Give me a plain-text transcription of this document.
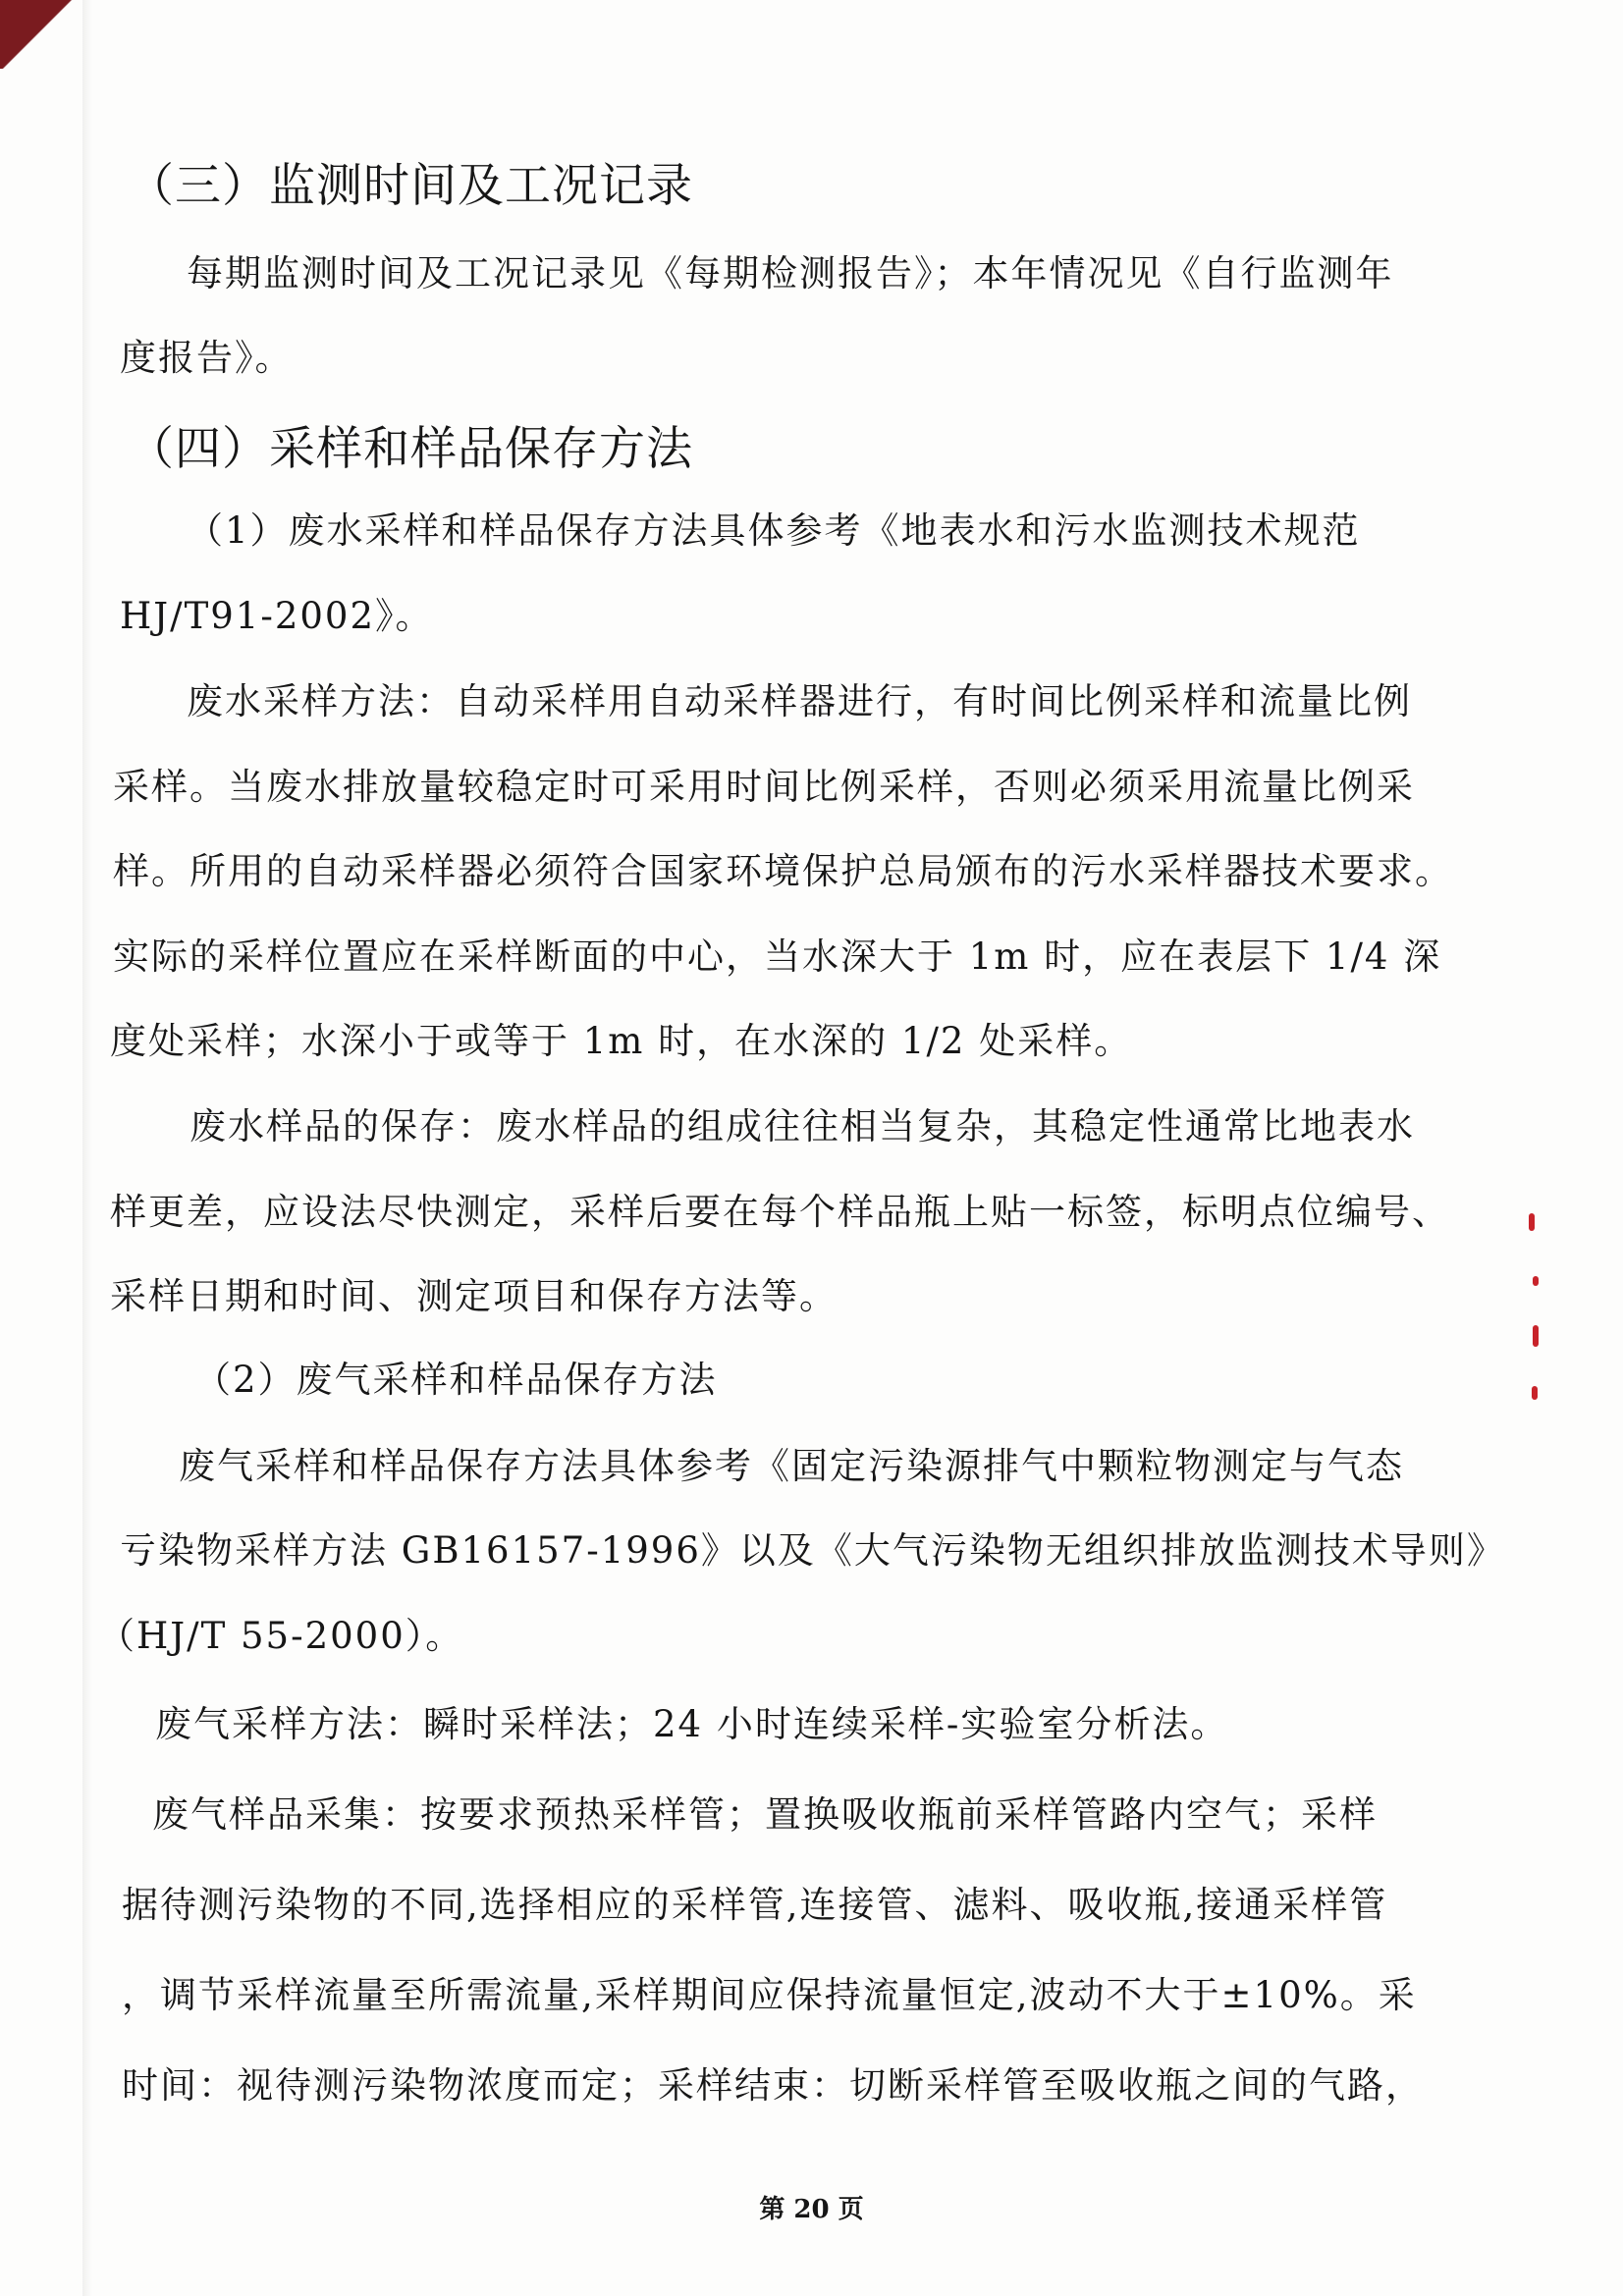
（三）监测时间及工况记录
每期监测时间及工况记录见《每期检测报告》；本年情况见《自行监测年
度报告》。
（四）采样和样品保存方法
（1）废水采样和样品保存方法具体参考《地表水和污水监测技术规范
HJ/T91-2002》。
废水采样方法：自动采样用自动采样器进行，有时间比例采样和流量比例
采样。当废水排放量较稳定时可采用时间比例采样，否则必须采用流量比例采
样。所用的自动采样器必须符合国家环境保护总局颁布的污水采样器技术要求。
实际的采样位置应在采样断面的中心，当水深大于 1m 时，应在表层下 1/4 深
度处采样；水深小于或等于 1m 时，在水深的 1/2 处采样。
废水样品的保存：废水样品的组成往往相当复杂，其稳定性通常比地表水
样更差，应设法尽快测定，采样后要在每个样品瓶上贴一标签，标明点位编号、
采样日期和时间、测定项目和保存方法等。
（2）废气采样和样品保存方法
废气采样和样品保存方法具体参考《固定污染源排气中颗粒物测定与气态
亏染物采样方法 GB16157-1996》以及《大气污染物无组织排放监测技术导则》
（HJ/T 55-2000）。
废气采样方法：瞬时采样法；24 小时连续采样-实验室分析法。
废气样品采集：按要求预热采样管；置换吸收瓶前采样管路内空气；采样
据待测污染物的不同,选择相应的采样管,连接管、滤料、吸收瓶,接通采样管
，调节采样流量至所需流量,采样期间应保持流量恒定,波动不大于±10%。采
时间：视待测污染物浓度而定；采样结束：切断采样管至吸收瓶之间的气路，
第 20 页
